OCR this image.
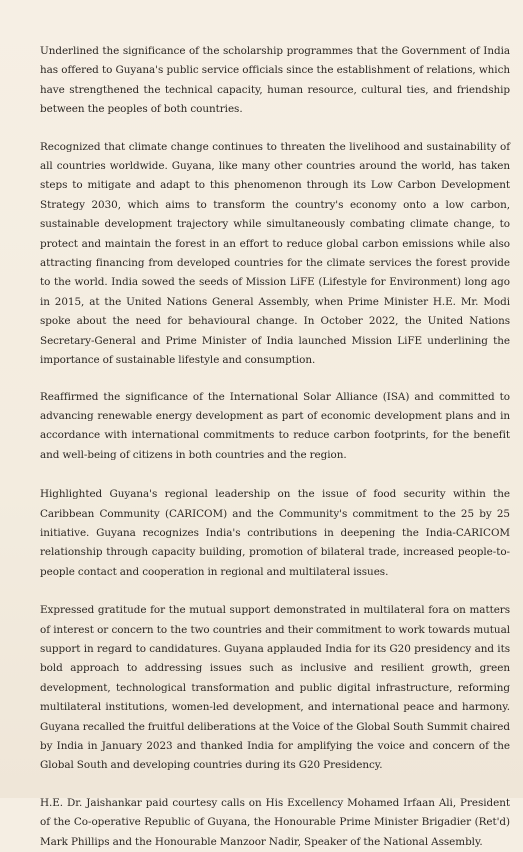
Underlined the significance of the scholarship programmes that the Government of India has offered to Guyana's public service officials since the establishment of relations, which have strengthened the technical capacity, human resource, cultural ties, and friendship between the peoples of both countries.

Recognized that climate change continues to threaten the livelihood and sustainability of all countries worldwide. Guyana, like many other countries around the world, has taken steps to mitigate and adapt to this phenomenon through its Low Carbon Development Strategy 2030, which aims to transform the country's economy onto a low carbon, sustainable development trajectory while simultaneously combating climate change, to protect and maintain the forest in an effort to reduce global carbon emissions while also attracting financing from developed countries for the climate services the forest provide to the world. India sowed the seeds of Mission LiFE (Lifestyle for Environment) long ago in 2015, at the United Nations General Assembly, when Prime Minister H.E. Mr. Modi spoke about the need for behavioural change. In October 2022, the United Nations Secretary-General and Prime Minister of India launched Mission LiFE underlining the importance of sustainable lifestyle and consumption.

Reaffirmed the significance of the International Solar Alliance (ISA) and committed to advancing renewable energy development as part of economic development plans and in accordance with international commitments to reduce carbon footprints, for the benefit and well-being of citizens in both countries and the region.

Highlighted Guyana's regional leadership on the issue of food security within the Caribbean Community (CARICOM) and the Community's commitment to the 25 by 25 initiative. Guyana recognizes India's contributions in deepening the India-CARICOM relationship through capacity building, promotion of bilateral trade, increased people-to-people contact and cooperation in regional and multilateral issues.

Expressed gratitude for the mutual support demonstrated in multilateral fora on matters of interest or concern to the two countries and their commitment to work towards mutual support in regard to candidatures. Guyana applauded India for its G20 presidency and its bold approach to addressing issues such as inclusive and resilient growth, green development, technological transformation and public digital infrastructure, reforming multilateral institutions, women-led development, and international peace and harmony. Guyana recalled the fruitful deliberations at the Voice of the Global South Summit chaired by India in January 2023 and thanked India for amplifying the voice and concern of the Global South and developing countries during its G20 Presidency.

H.E. Dr. Jaishankar paid courtesy calls on His Excellency Mohamed Irfaan Ali, President of the Co-operative Republic of Guyana, the Honourable Prime Minister Brigadier (Ret'd) Mark Phillips and the Honourable Manzoor Nadir, Speaker of the National Assembly.
